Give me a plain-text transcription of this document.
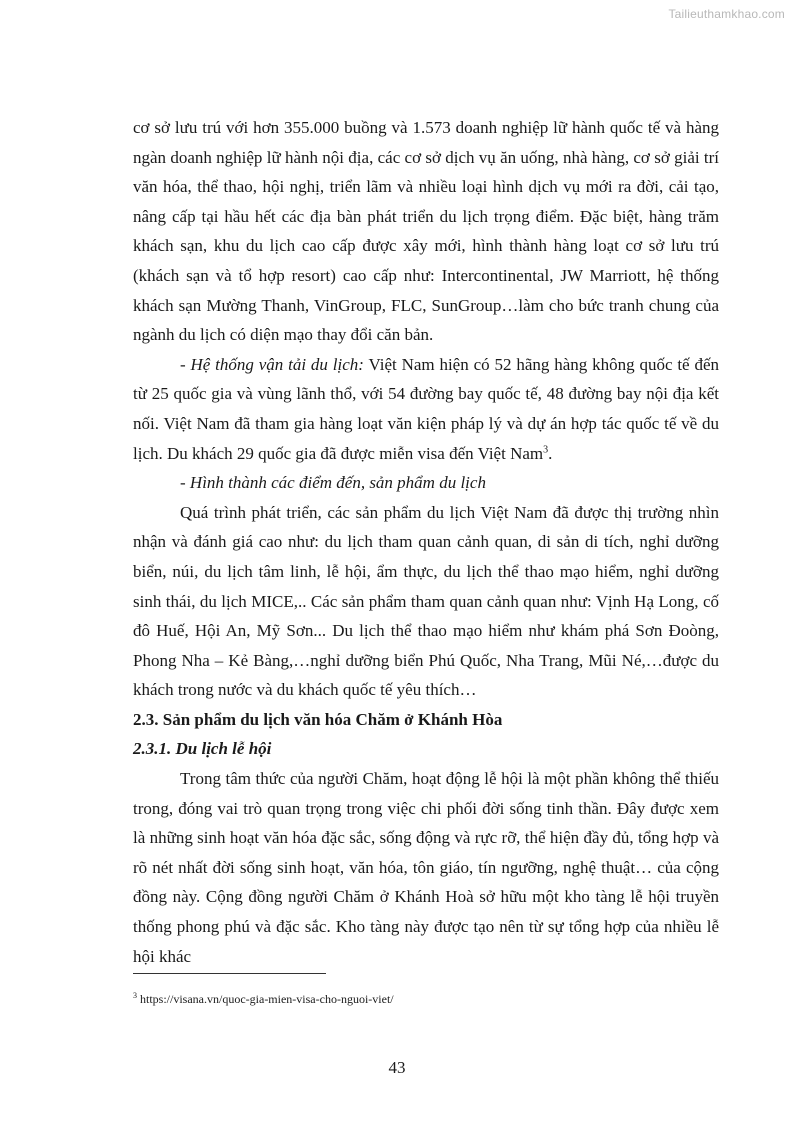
Tailieuthamkhao.com

cơ sở lưu trú với hơn 355.000 buồng và 1.573 doanh nghiệp lữ hành quốc tế và hàng ngàn doanh nghiệp lữ hành nội địa, các cơ sở dịch vụ ăn uống, nhà hàng, cơ sở giải trí văn hóa, thể thao, hội nghị, triển lãm và nhiều loại hình dịch vụ mới ra đời, cải tạo, nâng cấp tại hầu hết các địa bàn phát triển du lịch trọng điểm. Đặc biệt, hàng trăm khách sạn, khu du lịch cao cấp được xây mới, hình thành hàng loạt cơ sở lưu trú (khách sạn và tổ hợp resort) cao cấp như: Intercontinental, JW Marriott, hệ thống khách sạn Mường Thanh, VinGroup, FLC, SunGroup…làm cho bức tranh chung của ngành du lịch có diện mạo thay đổi căn bản.

- Hệ thống vận tải du lịch: Việt Nam hiện có 52 hãng hàng không quốc tế đến từ 25 quốc gia và vùng lãnh thổ, với 54 đường bay quốc tế, 48 đường bay nội địa kết nối. Việt Nam đã tham gia hàng loạt văn kiện pháp lý và dự án hợp tác quốc tế về du lịch. Du khách 29 quốc gia đã được miễn visa đến Việt Nam$^3$.

- Hình thành các điểm đến, sản phẩm du lịch

Quá trình phát triển, các sản phẩm du lịch Việt Nam đã được thị trường nhìn nhận và đánh giá cao như: du lịch tham quan cảnh quan, di sản di tích, nghỉ dưỡng biển, núi, du lịch tâm linh, lễ hội, ẩm thực, du lịch thể thao mạo hiểm, nghỉ dưỡng sinh thái, du lịch MICE,.. Các sản phẩm tham quan cảnh quan như: Vịnh Hạ Long, cố đô Huế, Hội An, Mỹ Sơn... Du lịch thể thao mạo hiểm như khám phá Sơn Đoòng, Phong Nha – Kẻ Bàng,…nghỉ dưỡng biển Phú Quốc, Nha Trang, Mũi Né,…được du khách trong nước và du khách quốc tế yêu thích…

2.3. Sản phẩm du lịch văn hóa Chăm ở Khánh Hòa

2.3.1. Du lịch lễ hội

Trong tâm thức của người Chăm, hoạt động lễ hội là một phần không thể thiếu trong, đóng vai trò quan trọng trong việc chi phối đời sống tinh thần. Đây được xem là những sinh hoạt văn hóa đặc sắc, sống động và rực rỡ, thể hiện đầy đủ, tổng hợp và rõ nét nhất đời sống sinh hoạt, văn hóa, tôn giáo, tín ngưỡng, nghệ thuật… của cộng đồng này. Cộng đồng người Chăm ở Khánh Hoà sở hữu một kho tàng lễ hội truyền thống phong phú và đặc sắc. Kho tàng này được tạo nên từ sự tổng hợp của nhiều lễ hội khác

$^3$ https://visana.vn/quoc-gia-mien-visa-cho-nguoi-viet/
43
